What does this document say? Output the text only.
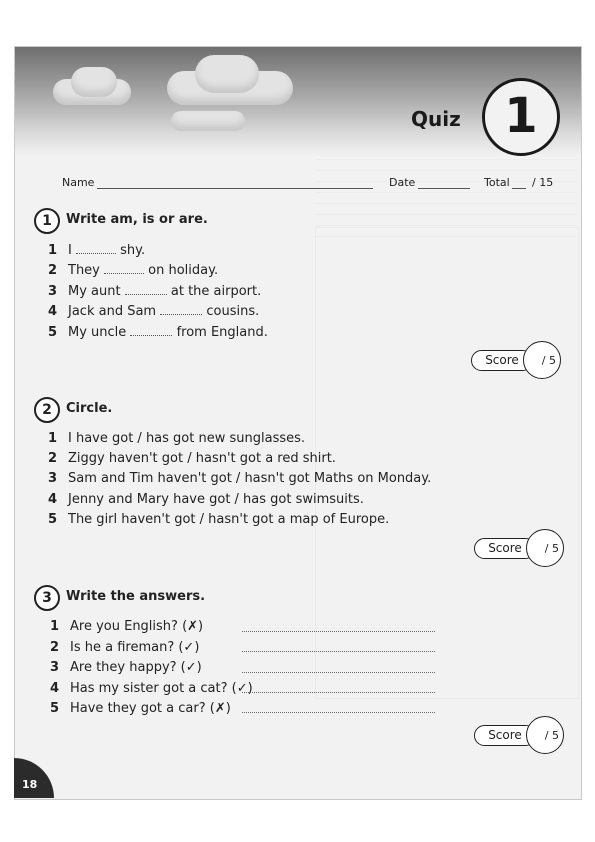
Quiz 1
Name	Date	Total / 15
1	Write am, is or are.
1 I	shy.
2 They	on holiday.
3 My aunt	at the airport.
4 Jack and Sam	cousins.
5 My uncle	from England.
Score	/ 5
2	Circle.
1 I have got / has got new sunglasses.
2 Ziggy haven't got / hasn't got a red shirt.
3 Sam and Tim haven't got / hasn't got Maths on Monday.
4 Jenny and Mary have got / has got swimsuits.
5 The girl haven't got / hasn't got a map of Europe.
Score	/ 5
3	Write the answers.
1 Are you English? (✗)
2 Is he a fireman? (✓)
3 Are they happy? (✓)
4 Has my sister got a cat? (✓)
5 Have they got a car? (✗)
Score	/ 5
18
